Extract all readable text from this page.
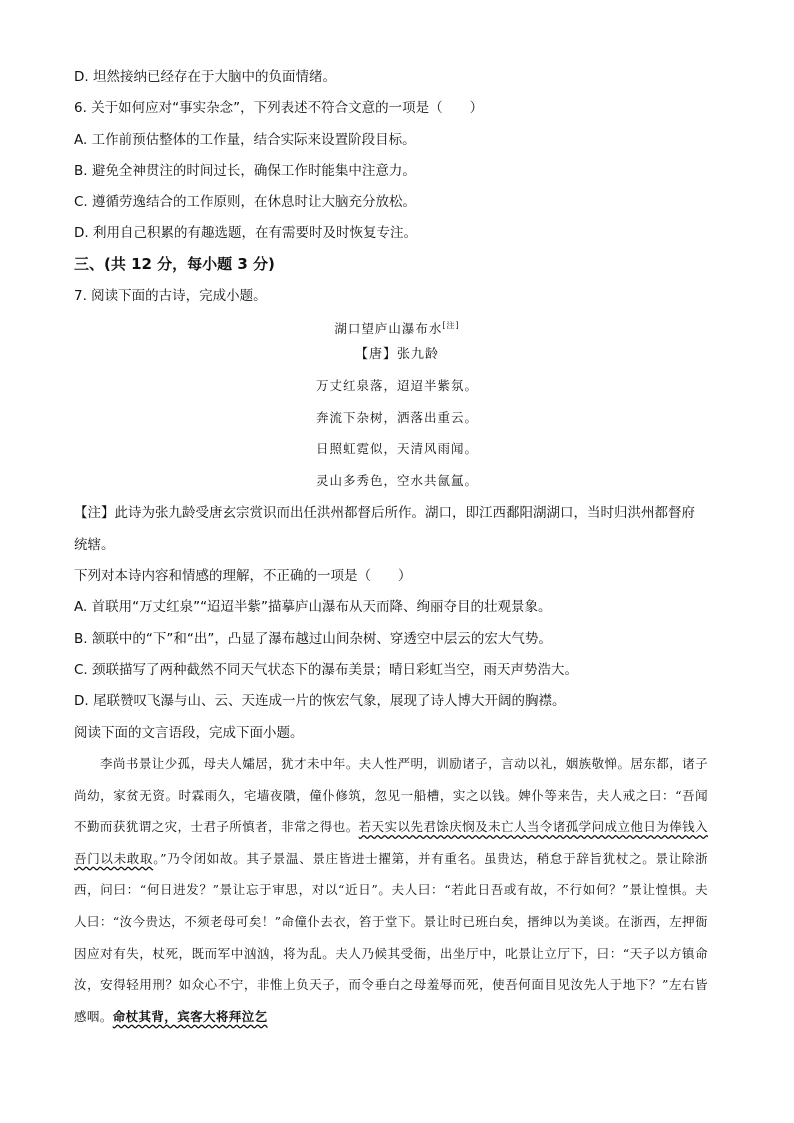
D. 坦然接纳已经存在于大脑中的负面情绪。
6. 关于如何应对“事实杂念”，下列表述不符合文意的一项是（　　）
A. 工作前预估整体的工作量，结合实际来设置阶段目标。
B. 避免全神贯注的时间过长，确保工作时能集中注意力。
C. 遵循劳逸结合的工作原则，在休息时让大脑充分放松。
D. 利用自己积累的有趣选题，在有需要时及时恢复专注。
三、(共 12 分，每小题 3 分)
7. 阅读下面的古诗，完成小题。
湖口望庐山瀑布水[注]
【唐】张九龄
万丈红泉落，迢迢半紫氛。
奔流下杂树，洒落出重云。
日照虹霓似，天清风雨闻。
灵山多秀色，空水共氤氲。
【注】此诗为张九龄受唐玄宗赏识而出任洪州都督后所作。湖口，即江西鄱阳湖湖口，当时归洪州都督府
统辖。
下列对本诗内容和情感的理解，不正确的一项是（　　）
A. 首联用“万丈红泉”“迢迢半紫”描摹庐山瀑布从天而降、绚丽夺目的壮观景象。
B. 颔联中的“下”和“出”，凸显了瀑布越过山间杂树、穿透空中层云的宏大气势。
C. 颈联描写了两种截然不同天气状态下的瀑布美景；晴日彩虹当空，雨天声势浩大。
D. 尾联赞叹飞瀑与山、云、天连成一片的恢宏气象，展现了诗人博大开阔的胸襟。
阅读下面的文言语段，完成下面小题。
李尚书景让少孤，母夫人孀居，犹才未中年。夫人性严明，训励诸子，言动以礼，姻族敬惮。居东都，诸子尚幼，家贫无资。时霖雨久，宅墙夜隤，僮仆修筑，忽见一船槽，实之以钱。婢仆等来告，夫人戒之曰：“吾闻不勤而获犹谓之灾，士君子所慎者，非常之得也。若天实以先君馀庆悯及未亡人当令诸孤学问成立他日为俸钱入吾门以未敢取。”乃令闭如故。其子景温、景庄皆进士擢第，并有重名。虽贵达，稍怠于辞旨犹杖之。景让除浙西，问曰：“何日进发？”景让忘于审思，对以“近日”。夫人曰：“若此日吾或有故，不行如何？”景让惶惧。夫人曰：“汝今贵达，不须老母可矣！”命僮仆去衣，笞于堂下。景让时已班白矣，搢绅以为美谈。在浙西，左押衙因应对有失，杖死，既而军中汹汹，将为乱。夫人乃候其受衙，出坐厅中，叱景让立厅下，曰：“天子以方镇命汝，安得轻用刑？如众心不宁，非惟上负天子，而令垂白之母羞辱而死，使吾何面目见汝先人于地下？”左右皆感咽。命杖其背，宾客大将拜泣乞
